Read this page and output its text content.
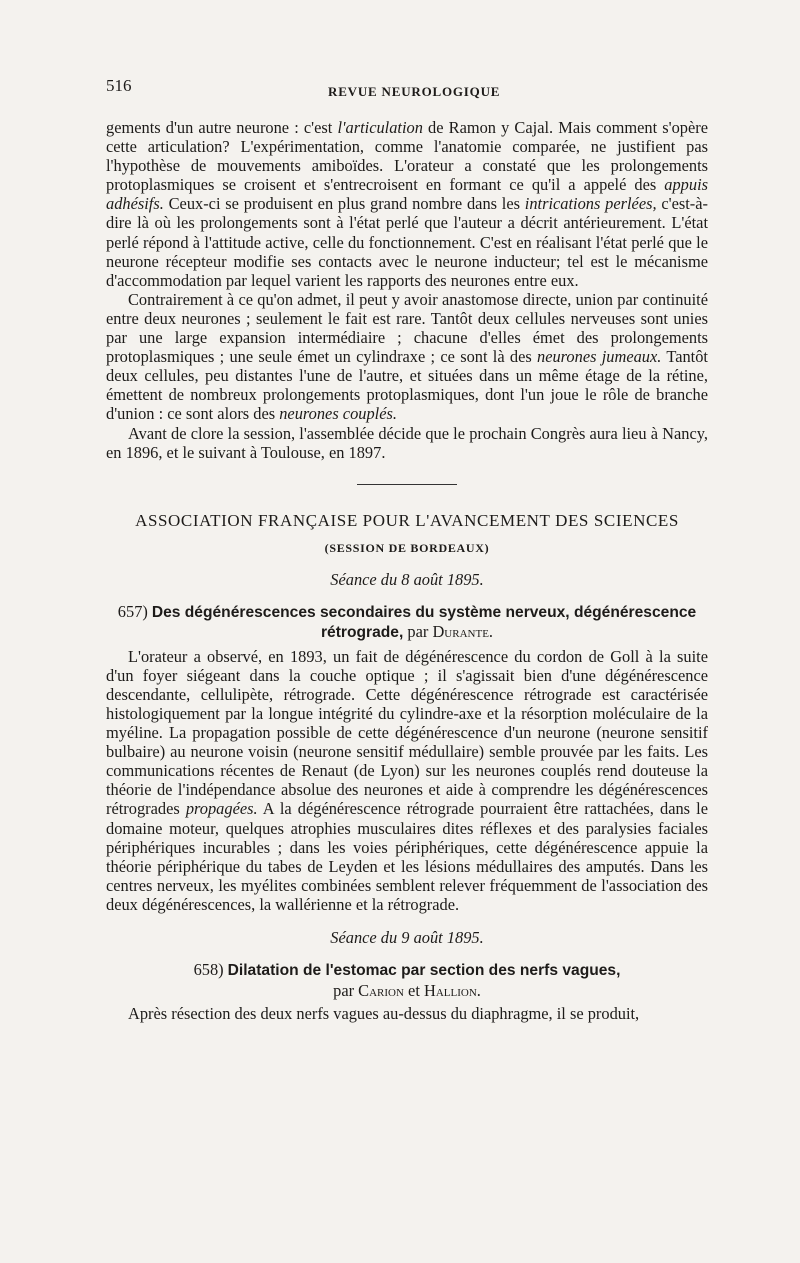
516	REVUE NEUROLOGIQUE

gements d'un autre neurone : c'est l'articulation de Ramon y Cajal. Mais comment s'opère cette articulation? L'expérimentation, comme l'anatomie comparée, ne justifient pas l'hypothèse de mouvements amiboïdes. L'orateur a constaté que les prolongements protoplasmiques se croisent et s'entrecroisent en formant ce qu'il a appelé des appuis adhésifs. Ceux-ci se produisent en plus grand nombre dans les intrications perlées, c'est-à-dire là où les prolongements sont à l'état perlé que l'auteur a décrit antérieurement. L'état perlé répond à l'attitude active, celle du fonctionnement. C'est en réalisant l'état perlé que le neurone récepteur modifie ses contacts avec le neurone inducteur; tel est le mécanisme d'accommodation par lequel varient les rapports des neurones entre eux.

Contrairement à ce qu'on admet, il peut y avoir anastomose directe, union par continuité entre deux neurones ; seulement le fait est rare. Tantôt deux cellules nerveuses sont unies par une large expansion intermédiaire ; chacune d'elles émet des prolongements protoplasmiques ; une seule émet un cylindraxe ; ce sont là des neurones jumeaux. Tantôt deux cellules, peu distantes l'une de l'autre, et situées dans un même étage de la rétine, émettent de nombreux prolongements protoplasmiques, dont l'un joue le rôle de branche d'union : ce sont alors des neurones couplés.

Avant de clore la session, l'assemblée décide que le prochain Congrès aura lieu à Nancy, en 1896, et le suivant à Toulouse, en 1897.

ASSOCIATION FRANÇAISE POUR L'AVANCEMENT DES SCIENCES
(SESSION DE BORDEAUX)
Séance du 8 août 1895.
657) Des dégénérescences secondaires du système nerveux, dégénérescence rétrograde, par Durante.

L'orateur a observé, en 1893, un fait de dégénérescence du cordon de Goll à la suite d'un foyer siégeant dans la couche optique ; il s'agissait bien d'une dégénérescence descendante, cellulipète, rétrograde. Cette dégénérescence rétrograde est caractérisée histologiquement par la longue intégrité du cylindre-axe et la résorption moléculaire de la myéline. La propagation possible de cette dégénérescence d'un neurone (neurone sensitif bulbaire) au neurone voisin (neurone sensitif médullaire) semble prouvée par les faits. Les communications récentes de Renaut (de Lyon) sur les neurones couplés rend douteuse la théorie de l'indépendance absolue des neurones et aide à comprendre les dégénérescences rétrogrades propagées. A la dégénérescence rétrograde pourraient être rattachées, dans le domaine moteur, quelques atrophies musculaires dites réflexes et des paralysies faciales périphériques incurables ; dans les voies périphériques, cette dégénérescence appuie la théorie périphérique du tabes de Leyden et les lésions médullaires des amputés. Dans les centres nerveux, les myélites combinées semblent relever fréquemment de l'association des deux dégénérescences, la wallérienne et la rétrograde.

Séance du 9 août 1895.
658) Dilatation de l'estomac par section des nerfs vagues,
par Carion et Hallion.

Après résection des deux nerfs vagues au-dessus du diaphragme, il se produit,
